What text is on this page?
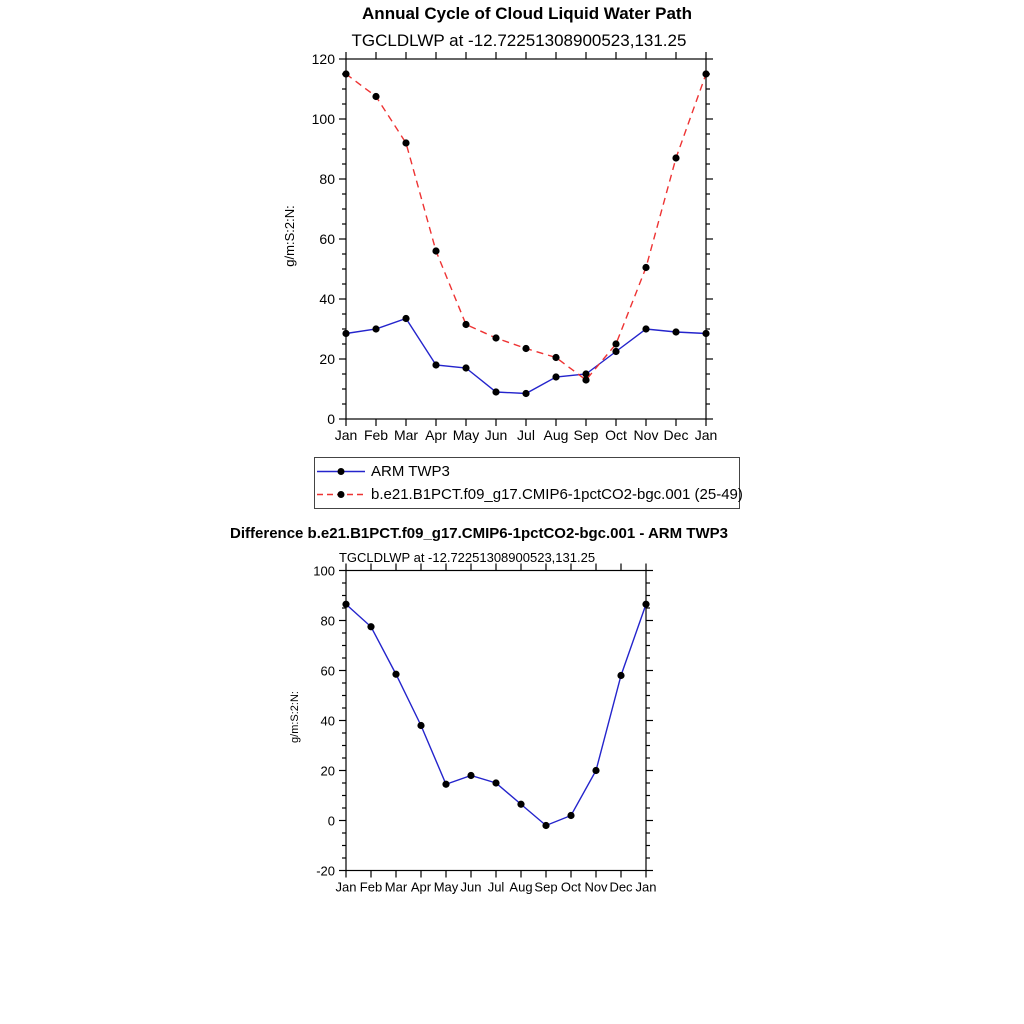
Annual Cycle of Cloud Liquid Water Path
TGCLDLWP at -12.72251308900523,131.25
g/m:S:2:N:
Difference b.e21.B1PCT.f09_g17.CMIP6-1pctCO2-bgc.001 - ARM TWP3
TGCLDLWP at -12.72251308900523,131.25
g/m:S:2:N:
Jan Feb Mar Apr May Jun Jul Aug Sep Oct Nov Dec Jan
0
20
40
60
80
100
120
Jan Feb Mar Apr May Jun Jul Aug Sep Oct Nov Dec Jan
-20
0
20
40
60
80
100
ARM TWP3
b.e21.B1PCT.f09_g17.CMIP6-1pctCO2-bgc.001 (25-49)
